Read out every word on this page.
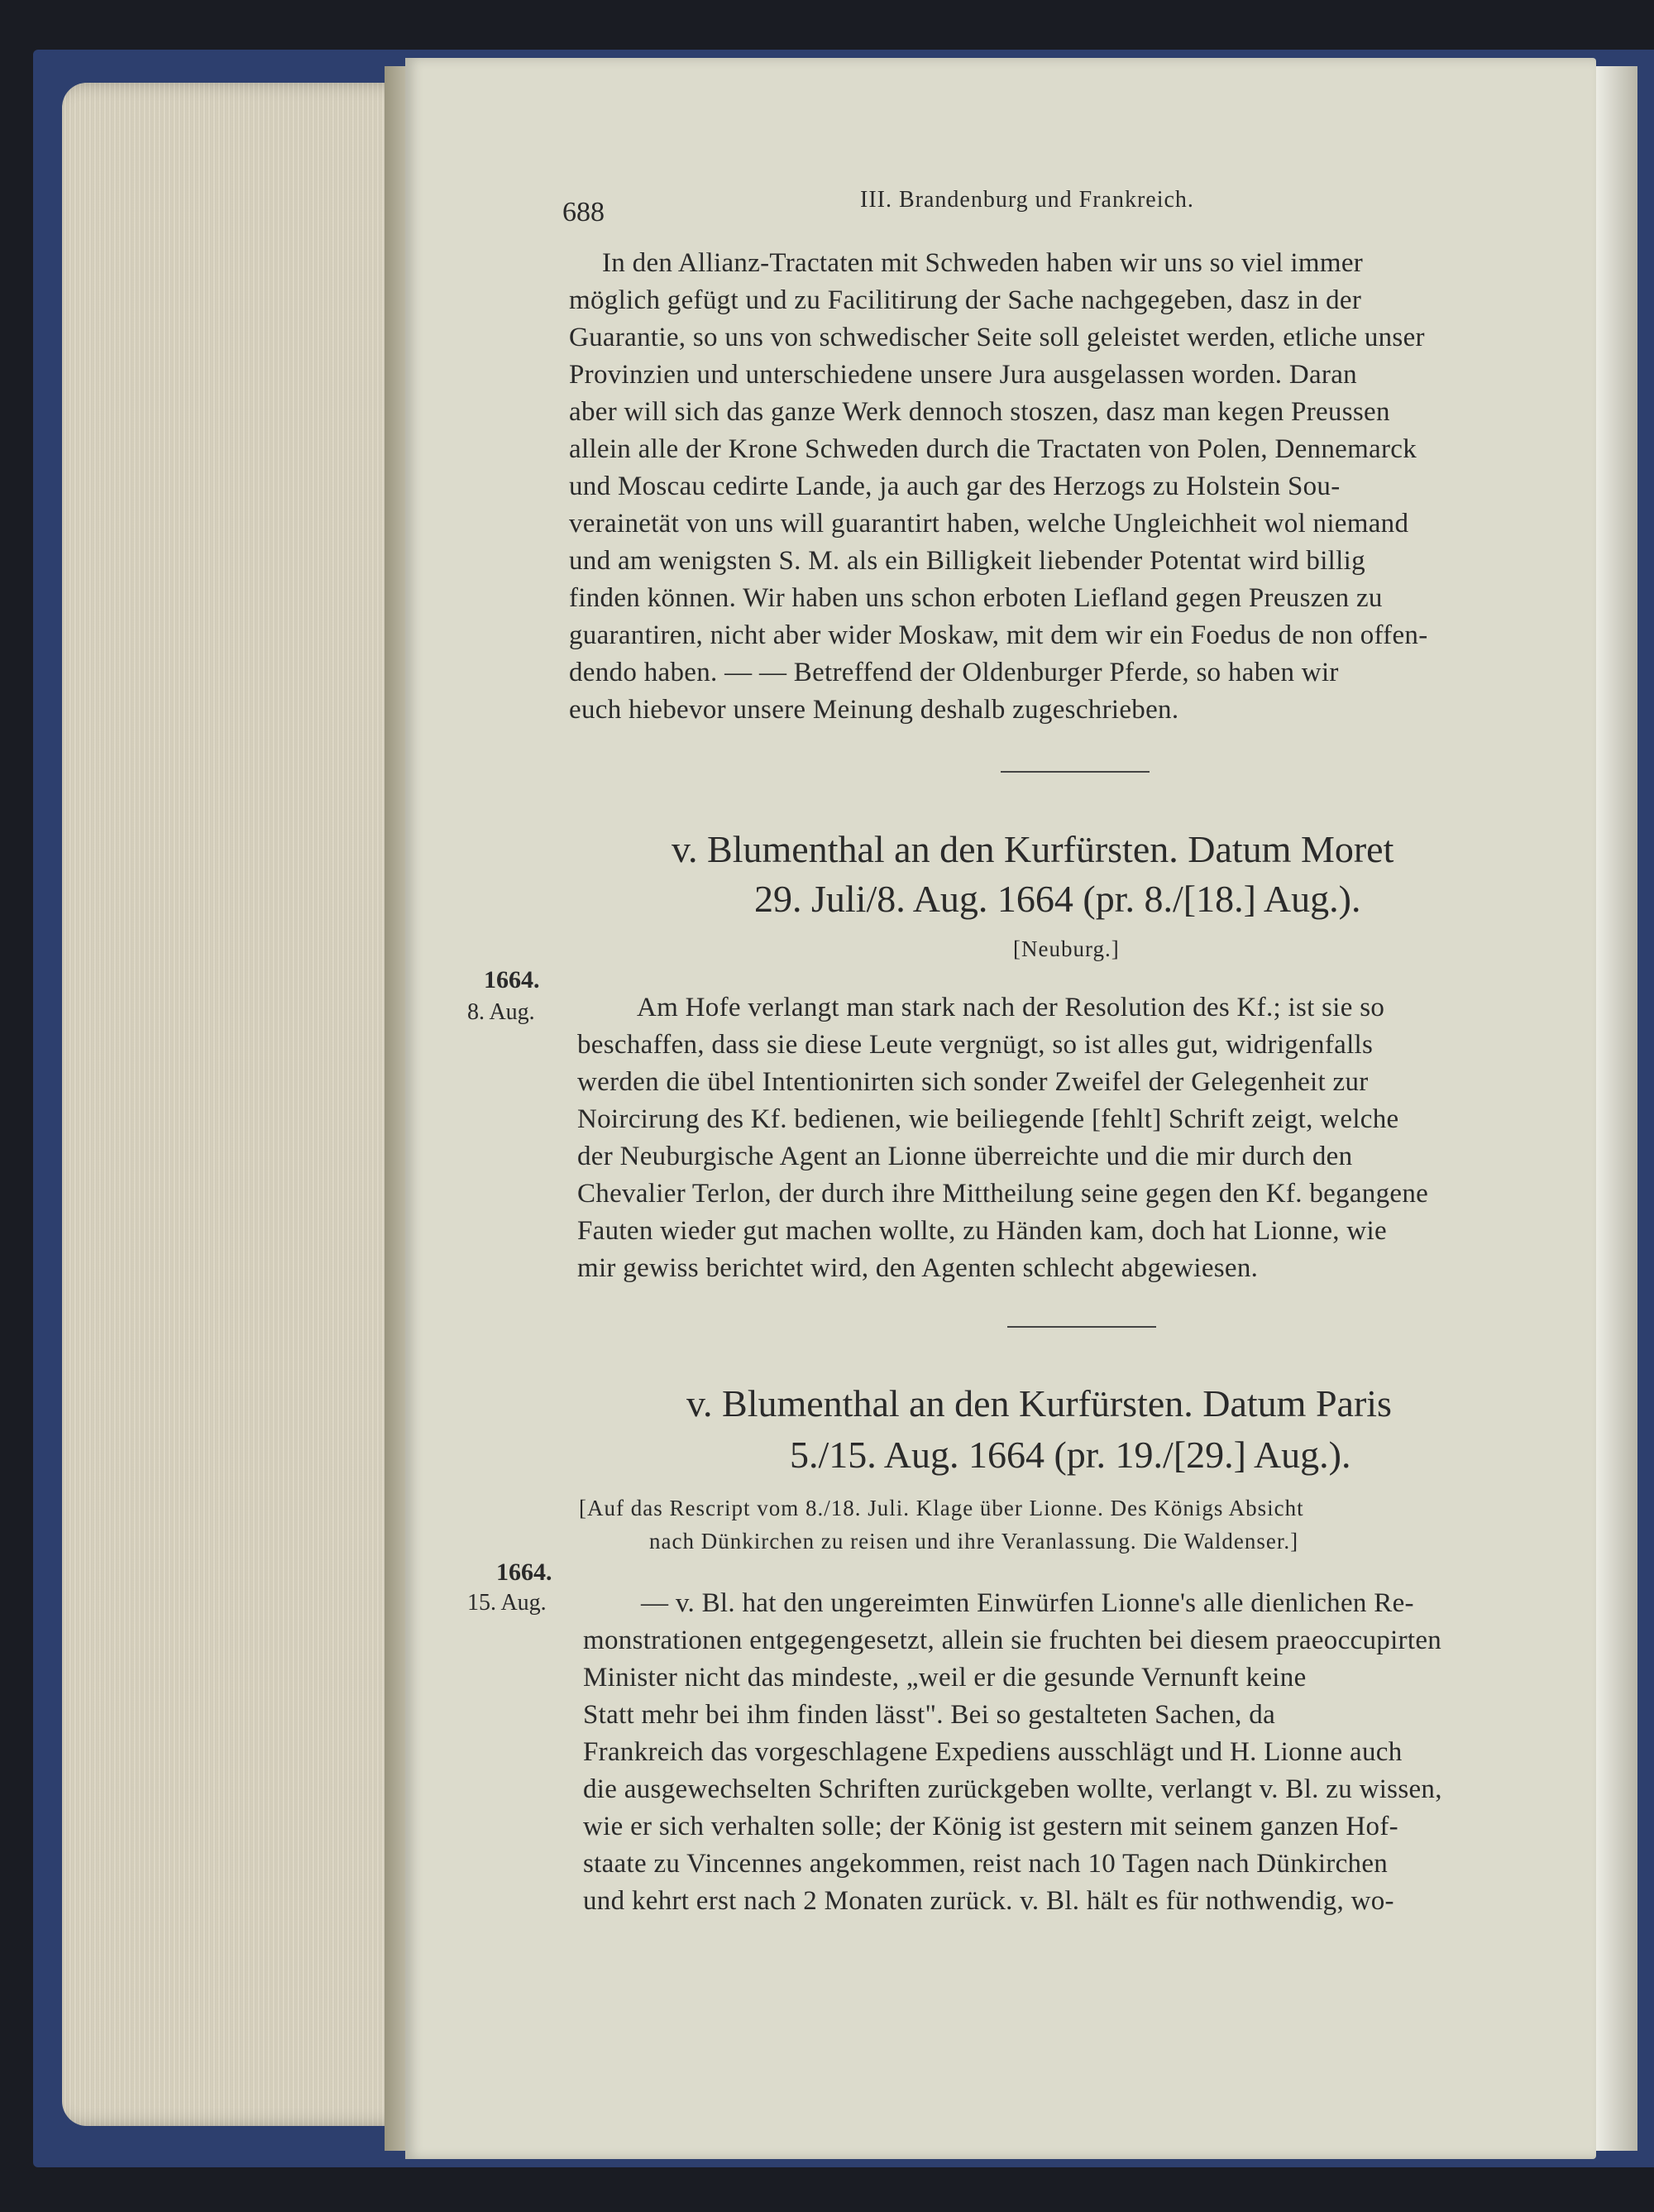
688	III. Brandenburg und Frankreich.
In den Allianz-Tractaten mit Schweden haben wir uns so viel immer
möglich gefügt und zu Facilitirung der Sache nachgegeben, dasz in der
Guarantie, so uns von schwedischer Seite soll geleistet werden, etliche unser
Provinzien und unterschiedene unsere Jura ausgelassen worden. Daran
aber will sich das ganze Werk dennoch stoszen, dasz man kegen Preussen
allein alle der Krone Schweden durch die Tractaten von Polen, Dennemarck
und Moscau cedirte Lande, ja auch gar des Herzogs zu Holstein Sou-
verainetät von uns will guarantirt haben, welche Ungleichheit wol niemand
und am wenigsten S. M. als ein Billigkeit liebender Potentat wird billig
finden können. Wir haben uns schon erboten Liefland gegen Preuszen zu
guarantiren, nicht aber wider Moskaw, mit dem wir ein Foedus de non offen-
dendo haben. — — Betreffend der Oldenburger Pferde, so haben wir
euch hiebevor unsere Meinung deshalb zugeschrieben.
v. Blumenthal an den Kurfürsten. Datum Moret
29. Juli/8. Aug. 1664 (pr. 8./[18.] Aug.).
[Neuburg.]
1664.
8. Aug.	Am Hofe verlangt man stark nach der Resolution des Kf.; ist sie so
beschaffen, dass sie diese Leute vergnügt, so ist alles gut, widrigenfalls
werden die übel Intentionirten sich sonder Zweifel der Gelegenheit zur
Noircirung des Kf. bedienen, wie beiliegende [fehlt] Schrift zeigt, welche
der Neuburgische Agent an Lionne überreichte und die mir durch den
Chevalier Terlon, der durch ihre Mittheilung seine gegen den Kf. begangene
Fauten wieder gut machen wollte, zu Händen kam, doch hat Lionne, wie
mir gewiss berichtet wird, den Agenten schlecht abgewiesen.
v. Blumenthal an den Kurfürsten. Datum Paris
5./15. Aug. 1664 (pr. 19./[29.] Aug.).
[Auf das Rescript vom 8./18. Juli. Klage über Lionne. Des Königs Absicht
nach Dünkirchen zu reisen und ihre Veranlassung. Die Waldenser.]
1664.
15. Aug.	— v. Bl. hat den ungereimten Einwürfen Lionne's alle dienlichen Re-
monstrationen entgegengesetzt, allein sie fruchten bei diesem praeoccupirten
Minister nicht das mindeste, „weil er die gesunde Vernunft keine
Statt mehr bei ihm finden lässt". Bei so gestalteten Sachen, da
Frankreich das vorgeschlagene Expediens ausschlägt und H. Lionne auch
die ausgewechselten Schriften zurückgeben wollte, verlangt v. Bl. zu wissen,
wie er sich verhalten solle; der König ist gestern mit seinem ganzen Hof-
staate zu Vincennes angekommen, reist nach 10 Tagen nach Dünkirchen
und kehrt erst nach 2 Monaten zurück. v. Bl. hält es für nothwendig, wo-
